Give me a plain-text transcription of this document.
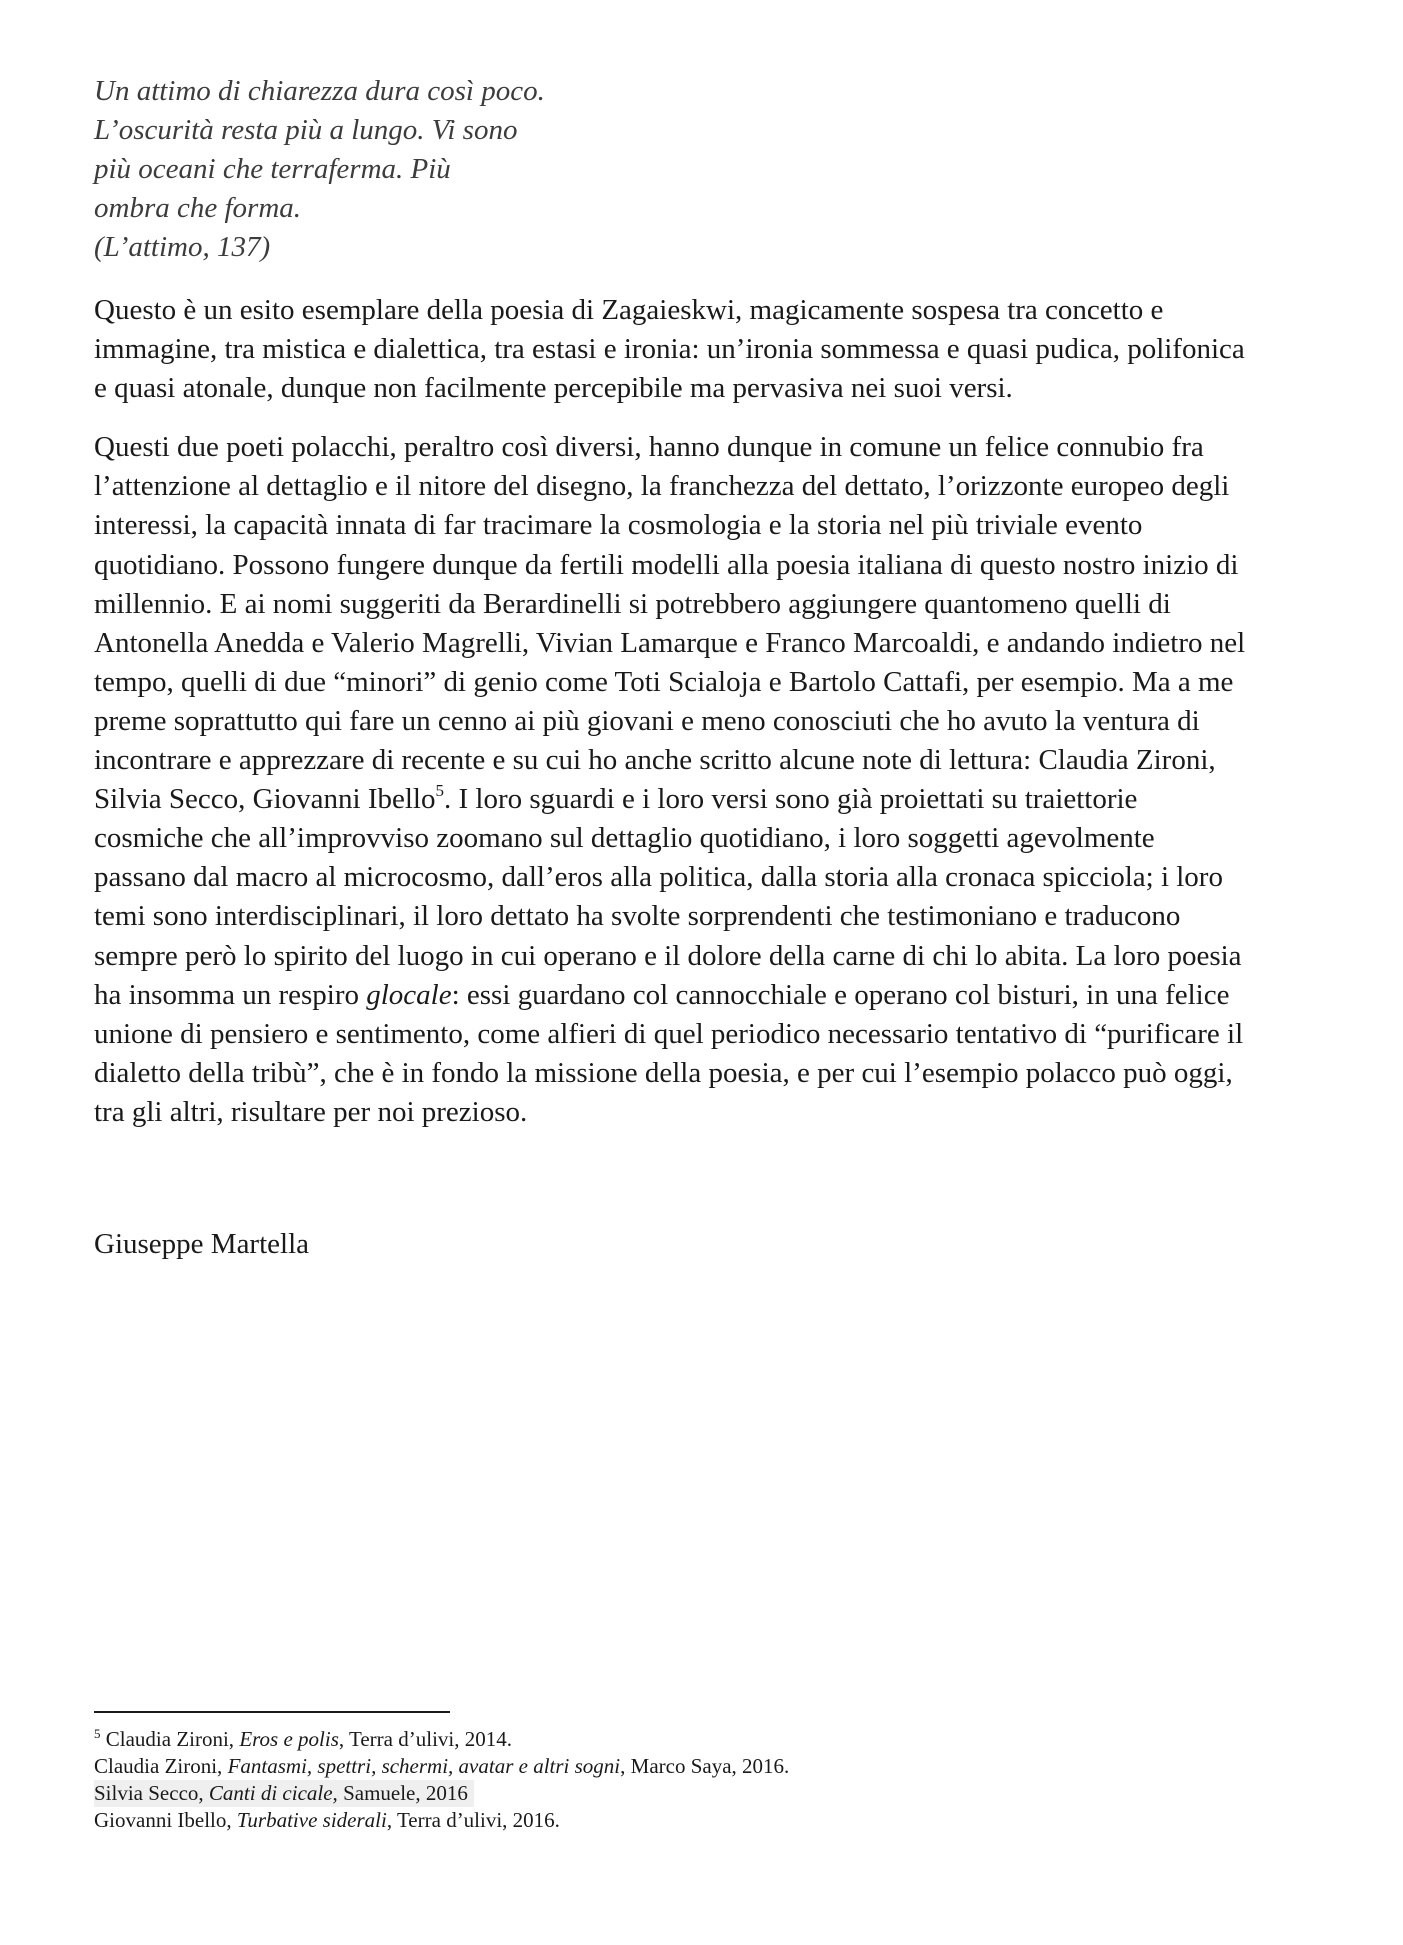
Un attimo di chiarezza dura così poco.
L’oscurità resta più a lungo. Vi sono
più oceani che terraferma. Più
ombra che forma.
(L’attimo, 137)
Questo è un esito esemplare della poesia di Zagaieskwi, magicamente sospesa tra concetto e
immagine, tra mistica e dialettica, tra estasi e ironia: un’ironia sommessa e quasi pudica, polifonica
e quasi atonale, dunque non facilmente percepibile ma pervasiva nei suoi versi.
Questi due poeti polacchi, peraltro così diversi, hanno dunque in comune un felice connubio fra
l’attenzione al dettaglio e il nitore del disegno, la franchezza del dettato, l’orizzonte europeo degli
interessi, la capacità innata di far tracimare la cosmologia e la storia nel più triviale evento
quotidiano. Possono fungere dunque da fertili modelli alla poesia italiana di questo nostro inizio di
millennio. E ai nomi suggeriti da Berardinelli si potrebbero aggiungere quantomeno quelli di
Antonella Anedda e Valerio Magrelli, Vivian Lamarque e Franco Marcoaldi, e andando indietro nel
tempo, quelli di due “minori” di genio come Toti Scialoja e Bartolo Cattafi, per esempio. Ma a me
preme soprattutto qui fare un cenno ai più giovani e meno conosciuti che ho avuto la ventura di
incontrare e apprezzare di recente e su cui ho anche scritto alcune note di lettura: Claudia Zironi,
Silvia Secco, Giovanni Ibello$^5$. I loro sguardi e i loro versi sono già proiettati su traiettorie
cosmiche che all’improvviso zoomano sul dettaglio quotidiano, i loro soggetti agevolmente
passano dal macro al microcosmo, dall’eros alla politica, dalla storia alla cronaca spicciola; i loro
temi sono interdisciplinari, il loro dettato ha svolte sorprendenti che testimoniano e traducono
sempre però lo spirito del luogo in cui operano e il dolore della carne di chi lo abita. La loro poesia
ha insomma un respiro glocale: essi guardano col cannocchiale e operano col bisturi, in una felice
unione di pensiero e sentimento, come alfieri di quel periodico necessario tentativo di “purificare il
dialetto della tribù”, che è in fondo la missione della poesia, e per cui l’esempio polacco può oggi,
tra gli altri, risultare per noi prezioso.
Giuseppe Martella
$^5$ Claudia Zironi, Eros e polis, Terra d’ulivi, 2014.
Claudia Zironi, Fantasmi, spettri, schermi, avatar e altri sogni, Marco Saya, 2016.
Silvia Secco, Canti di cicale, Samuele, 2016
Giovanni Ibello, Turbative siderali, Terra d’ulivi, 2016.
